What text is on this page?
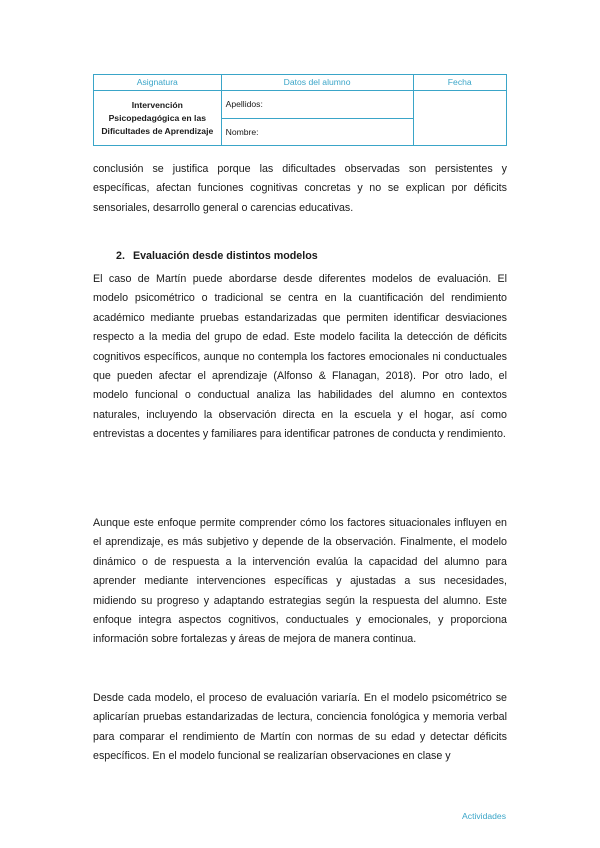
Asignatura	Datos del alumno	Fecha
Intervención Psicopedagógica en las Dificultades de Aprendizaje	Apellidos:	
	Nombre:	

conclusión se justifica porque las dificultades observadas son persistentes y específicas, afectan funciones cognitivas concretas y no se explican por déficits sensoriales, desarrollo general o carencias educativas.

2. Evaluación desde distintos modelos

El caso de Martín puede abordarse desde diferentes modelos de evaluación. El modelo psicométrico o tradicional se centra en la cuantificación del rendimiento académico mediante pruebas estandarizadas que permiten identificar desviaciones respecto a la media del grupo de edad. Este modelo facilita la detección de déficits cognitivos específicos, aunque no contempla los factores emocionales ni conductuales que pueden afectar el aprendizaje (Alfonso & Flanagan, 2018). Por otro lado, el modelo funcional o conductual analiza las habilidades del alumno en contextos naturales, incluyendo la observación directa en la escuela y el hogar, así como entrevistas a docentes y familiares para identificar patrones de conducta y rendimiento.

Aunque este enfoque permite comprender cómo los factores situacionales influyen en el aprendizaje, es más subjetivo y depende de la observación. Finalmente, el modelo dinámico o de respuesta a la intervención evalúa la capacidad del alumno para aprender mediante intervenciones específicas y ajustadas a sus necesidades, midiendo su progreso y adaptando estrategias según la respuesta del alumno. Este enfoque integra aspectos cognitivos, conductuales y emocionales, y proporciona información sobre fortalezas y áreas de mejora de manera continua.

Desde cada modelo, el proceso de evaluación variaría. En el modelo psicométrico se aplicarían pruebas estandarizadas de lectura, conciencia fonológica y memoria verbal para comparar el rendimiento de Martín con normas de su edad y detectar déficits específicos. En el modelo funcional se realizarían observaciones en clase y

Actividades
